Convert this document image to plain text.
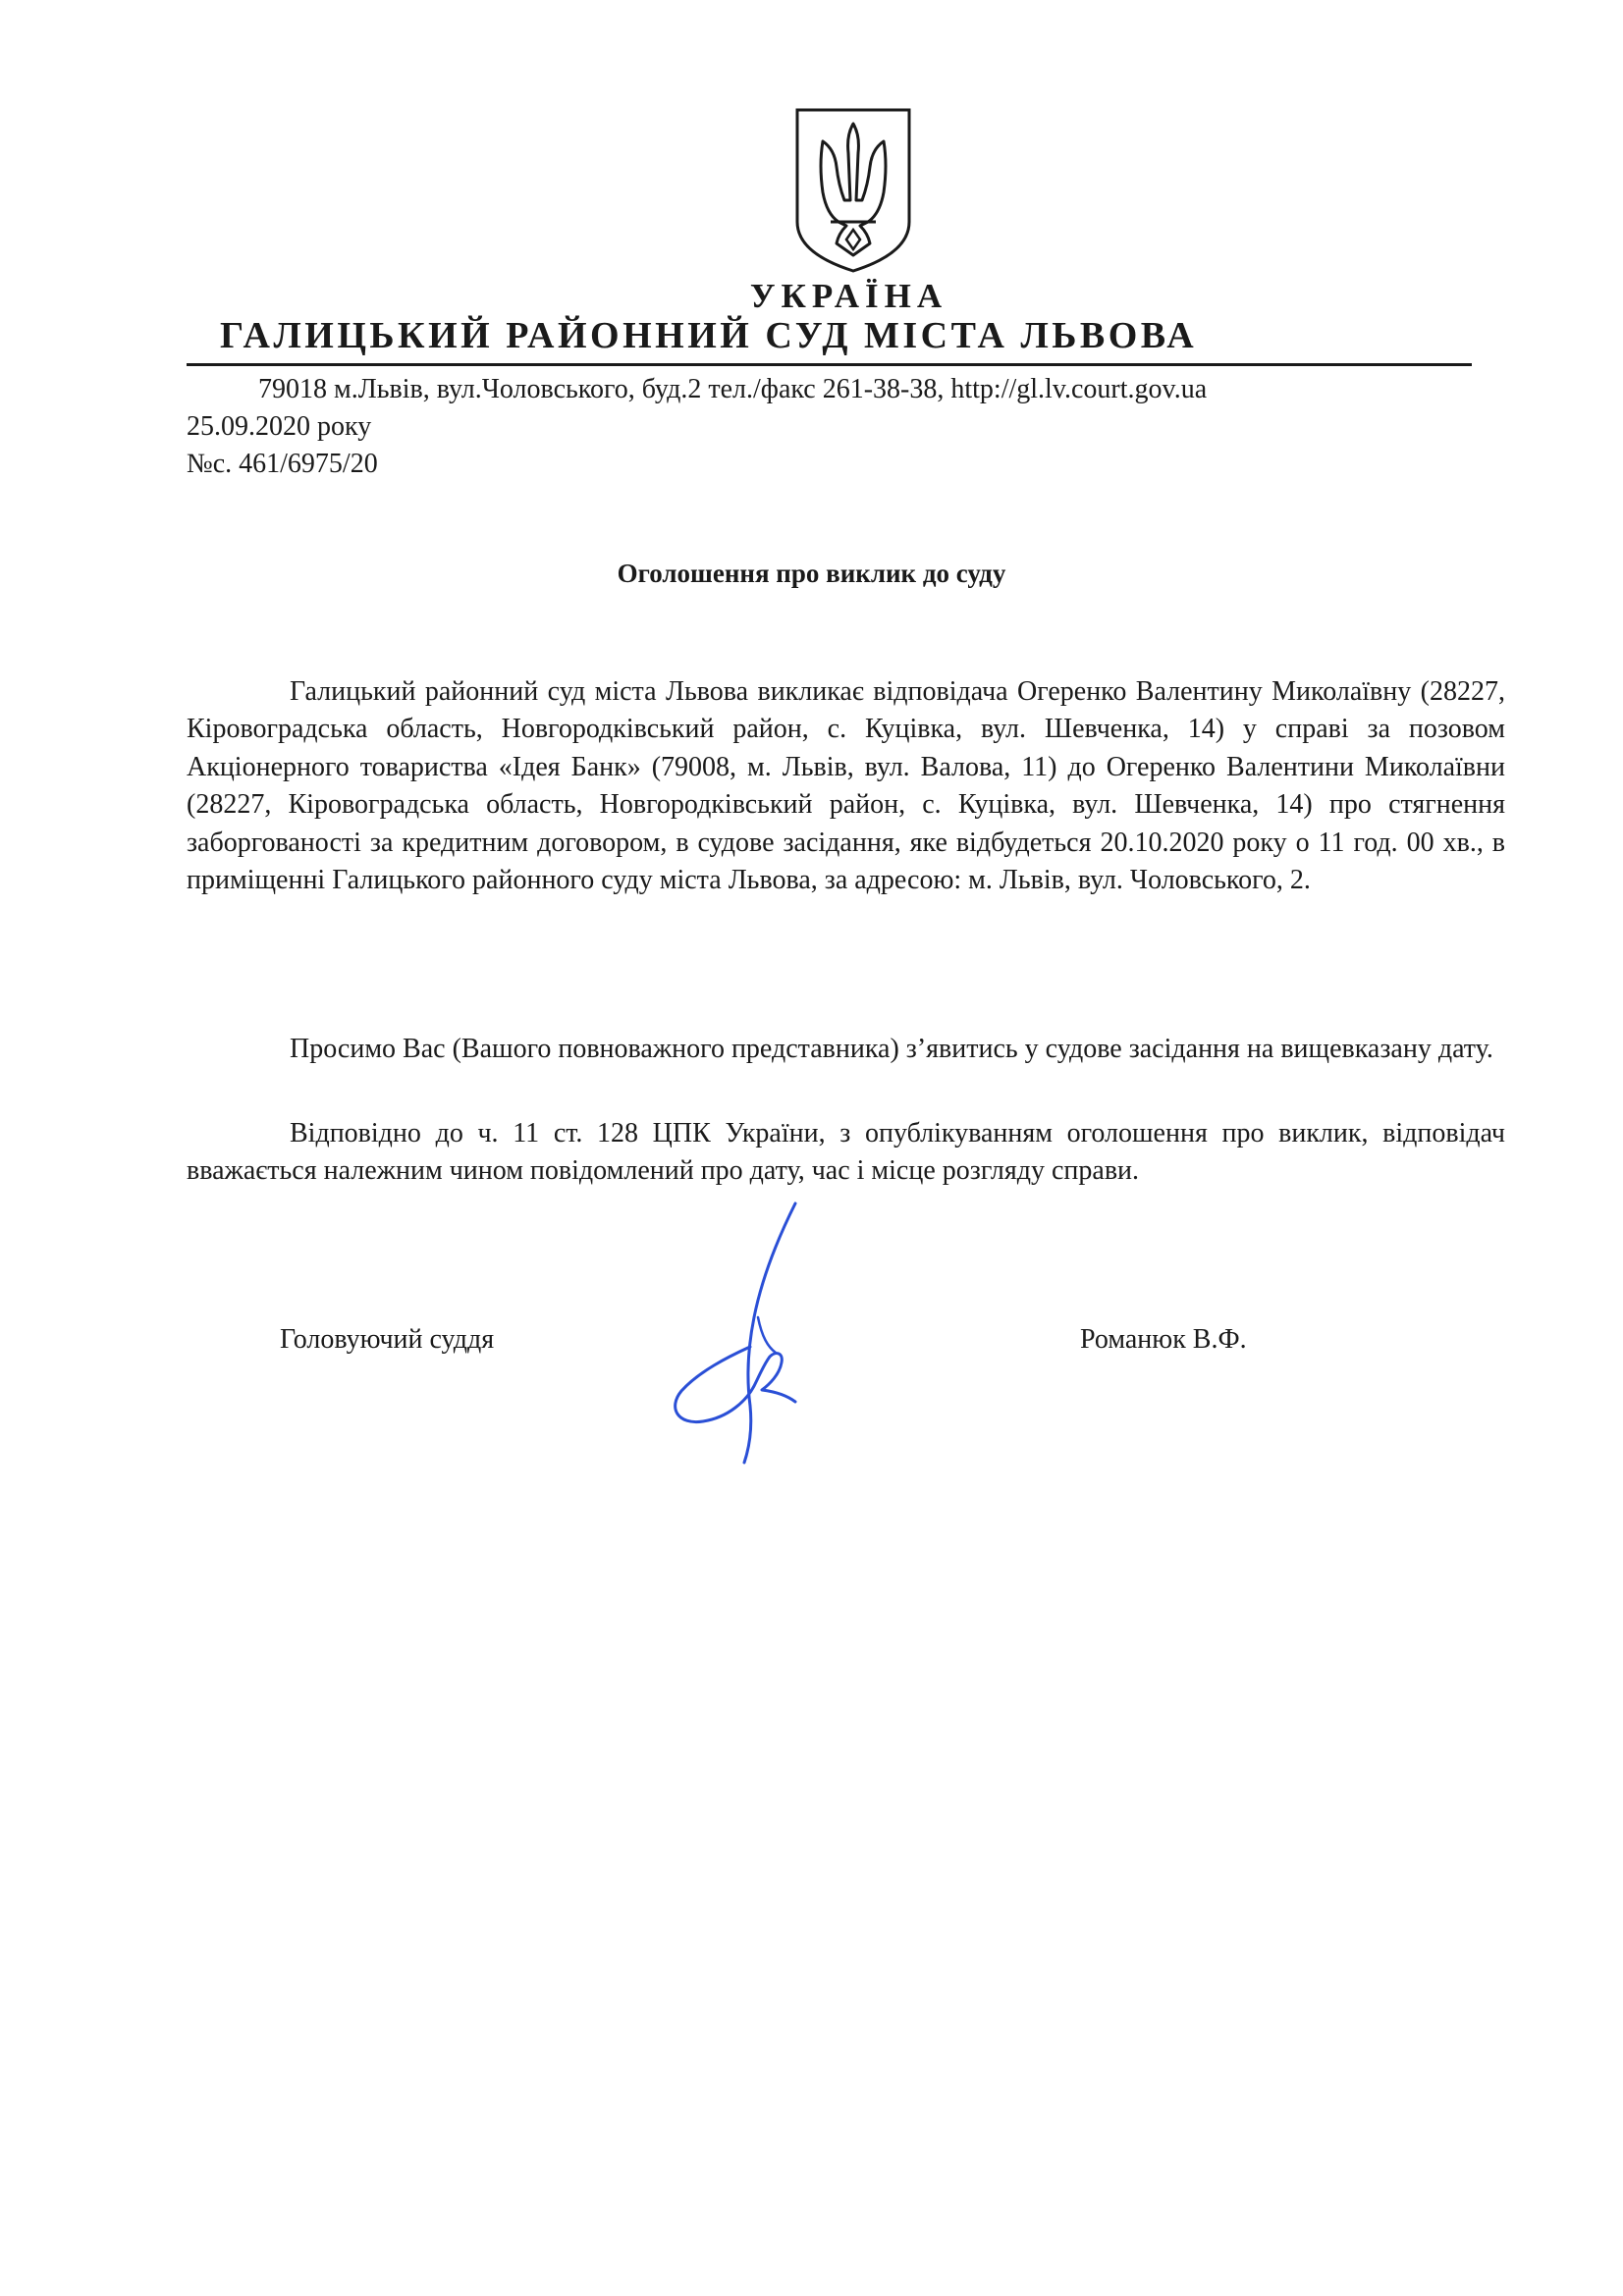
УКРАЇНА
ГАЛИЦЬКИЙ РАЙОННИЙ СУД МІСТА ЛЬВОВА
79018 м.Львів, вул.Чоловського, буд.2 тел./факс 261-38-38, http://gl.lv.court.gov.ua
25.09.2020 року
№с. 461/6975/20
Оголошення про виклик до суду

Галицький районний суд міста Львова викликає відповідача Огеренко Валентину Миколаївну (28227, Кіровоградська область, Новгородківський район, с. Куцівка, вул. Шевченка, 14) у справі за позовом Акціонерного товариства «Ідея Банк» (79008, м. Львів, вул. Валова, 11) до Огеренко Валентини Миколаївни (28227, Кіровоградська область, Новгородківський район, с. Куцівка, вул. Шевченка, 14) про стягнення заборгованості за кредитним договором, в судове засідання, яке відбудеться 20.10.2020 року о 11 год. 00 хв., в приміщенні Галицького районного суду міста Львова, за адресою: м. Львів, вул. Чоловського, 2.

Просимо Вас (Вашого повноважного представника) з’явитись у судове засідання на вищевказану дату.

Відповідно до ч. 11 ст. 128 ЦПК України, з опублікуванням оголошення про виклик, відповідач вважається належним чином повідомлений про дату, час і місце розгляду справи.

Головуючий суддя	Романюк В.Ф.
